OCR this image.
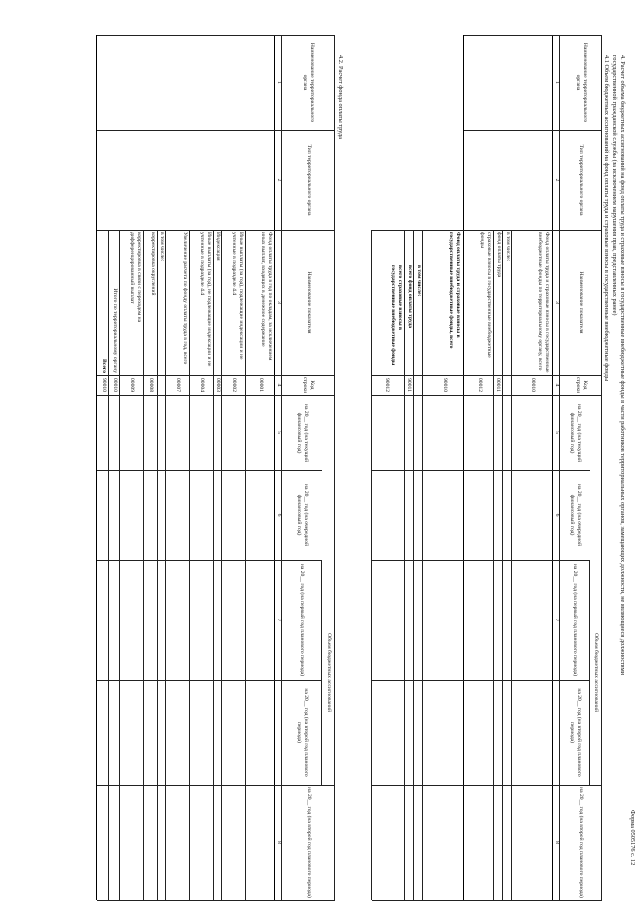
Форма 0505176 с. 12
4. Расчет объема бюджетных ассигнований на фонд оплаты труда и страховые взносы в государственные внебюджетные фонды в части работников территориальных органов, замещающих должности, не являющиеся должностями
государственной гражданской службы (за исключением нарушения прав, представленных ранее)
4.1 Объем бюджетных ассигнований на фонд оплаты труда и страховые взносы в государственные внебюджетные фонды
Наименование территориального органа
Тип территориального органа
Наименование показателя
Код строки
Объем бюджетных ассигнований
на 20__ год (на текущий финансовый год)
на 20__ год (на очередной финансовый год)
на 20__ год (на первый год планового периода)
на 20__ год (на второй год планового периода)
на 20__ год (на второй год планового периода)
1
2
3
4
5
6
7
8
Фонд оплаты труда и страховые взносы в государственные внебюджетные фонды по территориальному органу, всего
00010
в том числе:
фонд оплаты труда
00011
страховые взносы в государственные внебюджетные фонды
00012
Фонд оплаты труда и страховые взносы в государственные внебюджетные фонды, всего
90010
в том числе:
всего фонд оплаты труда
90011
всего страховые взносы в государственные внебюджетные фонды
90012
4.2. Расчет фонда оплаты труда
Наименование территориального органа
Тип территориального органа
Наименование показателя
Код строки
Объем бюджетных ассигнований
на 20__ год (на текущий финансовый год)
на 20__ год (на очередной финансовый год)
на 20__ год (на первый год планового периода)
на 20__ год (на второй год планового периода)
на 20__ год (на второй год планового периода)
1
2
3
4
5
6
7
8
Фонд оплаты труда в год по окладам, за исключением иных выплат, входящих в денежное содержание
00001
Иные выплаты (за год), подлежащие индексации и не учтенные в подразделе 4.4
00002
Индексация
00003
Иные выплаты (за год), не подлежащие индексации и не учтенные в подразделе 4.4
00004
Увеличение расчета по фонду оплаты труда в год, всего
00007
в том числе:
корректировка округлений
00008
корректировка в связи с переходом на дифференцированный выплат
00009
Итого по территориальному органу
00010
Всего
90010
